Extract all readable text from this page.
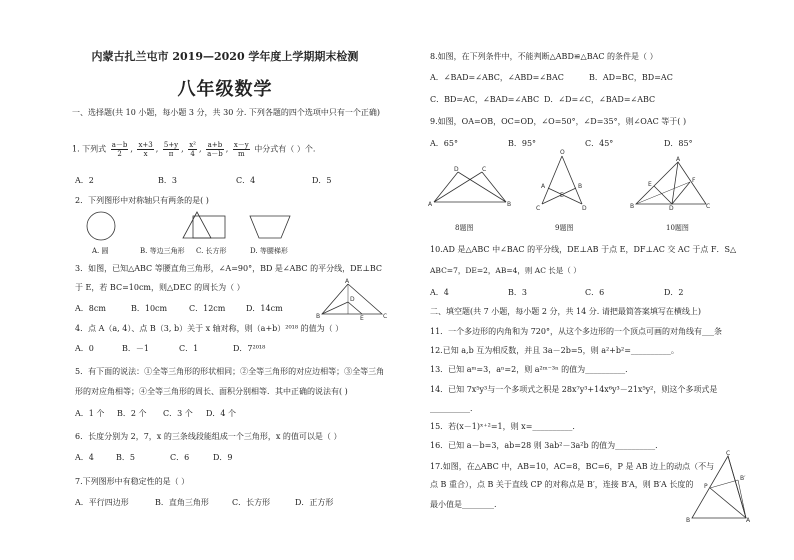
内蒙古扎兰屯市 2019—2020 学年度上学期期末检测
八年级数学
一、选择题(共 10 小题，每小题 3 分，共 30 分. 下列各题的四个选项中只有一个正确)
1. 下列式 $\frac{a-b}{2}$ , $\frac{x+3}{x}$ , $\frac{5+y}{\pi}$ , $\frac{\text{x²}}{4}$ , $\frac{a+b}{a-b}$ , $\frac{x-y}{m}$ 中分式有（ ）个.
A．2	B．3	C．4	D．5
2．下列图形中对称轴只有两条的是( )
A. 圆	B. 等边三角形 C. 长方形	D. 等腰梯形
3．如图，已知△ABC 等腰直角三角形，∠A=90°，BD 是∠ABC 的平分线，DE⊥BC
于 E，若 BC=10cm，则△DEC 的周长为（ ）
A．8cm	B．10cm	C．12cm	D．14cm
A
B	C
D
E
4．点 A（a, 4）、点 B（3, b）关于 x 轴对称，则（a+b）²⁰¹⁸ 的值为（ ）
A．0	B．－1	C．1	D．7²⁰¹⁸
5．有下面的说法：①全等三角形的形状相同；②全等三角形的对应边相等；③全等三角
形的对应角相等；④全等三角形的周长、面积分别相等．其中正确的说法有( )
A．1 个 B．2 个 C．3 个 D．4 个
6．长度分别为 2，7，x 的三条线段能组成一个三角形，x 的值可以是（ ）
A．4	B．5	C．6	D．9
7.下列图形中有稳定性的是（ ）
A．平行四边形	B．直角三角形	C．长方形	D．正方形
8.如图，在下列条件中，不能判断△ABD≌△BAC 的条件是（ ）
A．∠BAD=∠ABC，∠ABD=∠BAC	B．AD=BC，BD=AC
C．BD=AC，∠BAD=∠ABC D．∠D=∠C，∠BAD=∠ABC
9.如图，OA=OB，OC=OD，∠O=50°，∠D=35°，则∠OAC 等于( )
A．65°	B．95°	C．45°	D．85°
A	B
D	C
O
A	B
C	D
E
A
B	C
D
E
F
8题图	9题图	10题图
10.AD 是△ABC 中∠BAC 的平分线，DE⊥AB 于点 E，DF⊥AC 交 AC 于点 F．S△
ABC=7，DE=2，AB=4，则 AC 长是（ ）
A．4	B．3	C．6	D．2
二、填空题(共 7 小题，每小题 2 分，共 14 分. 请把最简答案填写在横线上)
11．一个多边形的内角和为 720°，从这个多边形的一个顶点可画的对角线有___条
12.已知 a,b 互为相反数，并且 3a－2b=5，则 a²+b²=__________。
13．已知 aᵐ=3，aⁿ=2，则 a²ᵐ⁻³ⁿ 的值为__________．
14．已知 7x⁵y³与一个多项式之积是 28x⁷y³+14x⁶y³－21x⁵y²，则这个多项式是
__________．
15．若(x－1)ˣ⁺²=1，则 x=__________．
16．已知 a－b=3，ab=28 则 3ab²－3a²b 的值为__________．
17.如图，在△ABC 中，AB=10，AC=8，BC=6，P 是 AB 边上的动点（不与
点 B 重合），点 B 关于直线 CP 的对称点是 B′，连接 B′A，则 B′A 长度的
最小值是________.
C
B	A
P
B′
